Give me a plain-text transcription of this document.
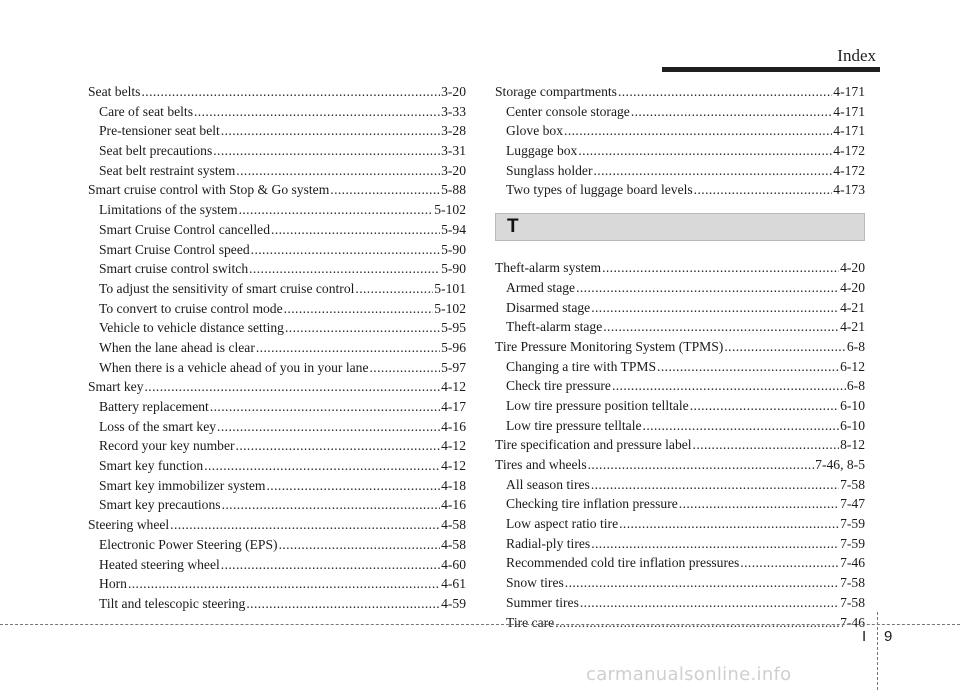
Index
Seat belts .....	3-20
Care of seat belts .....	3-33
Pre-tensioner seat belt .....	3-28
Seat belt precautions .....	3-31
Seat belt restraint system .....	3-20
Smart cruise control with Stop & Go system .....	5-88
Limitations of the system .....	5-102
Smart Cruise Control cancelled .....	5-94
Smart Cruise Control speed .....	5-90
Smart cruise control switch .....	5-90
To adjust the sensitivity of smart cruise control .....	5-101
To convert to cruise control mode .....	5-102
Vehicle to vehicle distance setting .....	5-95
When the lane ahead is clear .....	5-96
When there is a vehicle ahead of you in your lane .....	5-97
Smart key .....	4-12
Battery replacement .....	4-17
Loss of the smart key .....	4-16
Record your key number .....	4-12
Smart key function .....	4-12
Smart key immobilizer system .....	4-18
Smart key precautions .....	4-16
Steering wheel .....	4-58
Electronic Power Steering (EPS) .....	4-58
Heated steering wheel .....	4-60
Horn .....	4-61
Tilt and telescopic steering .....	4-59
Storage compartments .....	4-171
Center console storage .....	4-171
Glove box .....	4-171
Luggage box .....	4-172
Sunglass holder .....	4-172
Two types of luggage board levels .....	4-173
T
Theft-alarm system .....	4-20
Armed stage .....	4-20
Disarmed stage .....	4-21
Theft-alarm stage .....	4-21
Tire Pressure Monitoring System (TPMS) .....	6-8
Changing a tire with TPMS .....	6-12
Check tire pressure .....	6-8
Low tire pressure position telltale .....	6-10
Low tire pressure telltale .....	6-10
Tire specification and pressure label .....	8-12
Tires and wheels .....	7-46, 8-5
All season tires .....	7-58
Checking tire inflation pressure .....	7-47
Low aspect ratio tire .....	7-59
Radial-ply tires .....	7-59
Recommended cold tire inflation pressures .....	7-46
Snow tires .....	7-58
Summer tires .....	7-58
Tire care .....	7-46
I 9
carmanualsonline.info
